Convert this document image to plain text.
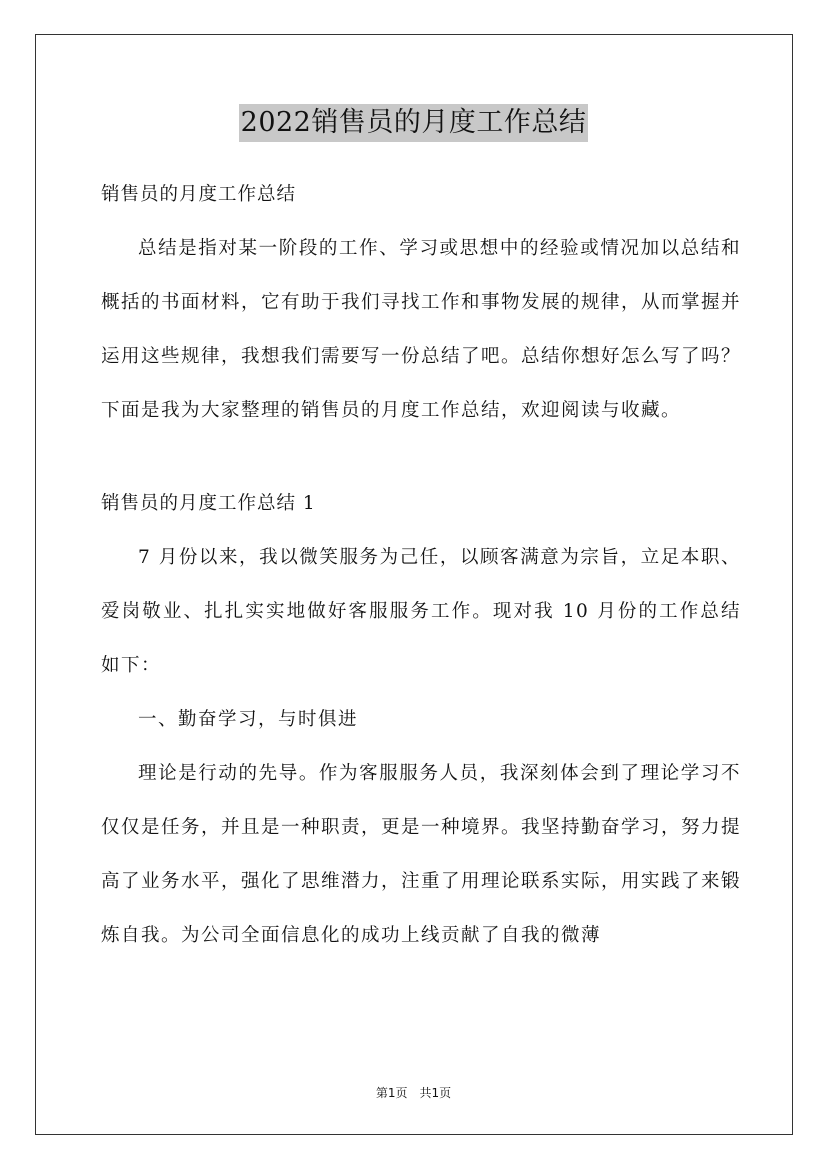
2022销售员的月度工作总结

销售员的月度工作总结

总结是指对某一阶段的工作、学习或思想中的经验或情况加以总结和概括的书面材料，它有助于我们寻找工作和事物发展的规律，从而掌握并运用这些规律，我想我们需要写一份总结了吧。总结你想好怎么写了吗？下面是我为大家整理的销售员的月度工作总结，欢迎阅读与收藏。

销售员的月度工作总结 1

7 月份以来，我以微笑服务为己任，以顾客满意为宗旨，立足本职、爱岗敬业、扎扎实实地做好客服服务工作。现对我 10 月份的工作总结如下：

一、勤奋学习，与时俱进

理论是行动的先导。作为客服服务人员，我深刻体会到了理论学习不仅仅是任务，并且是一种职责，更是一种境界。我坚持勤奋学习，努力提高了业务水平，强化了思维潜力，注重了用理论联系实际，用实践了来锻炼自我。为公司全面信息化的成功上线贡献了自我的微薄

第1页　共1页
